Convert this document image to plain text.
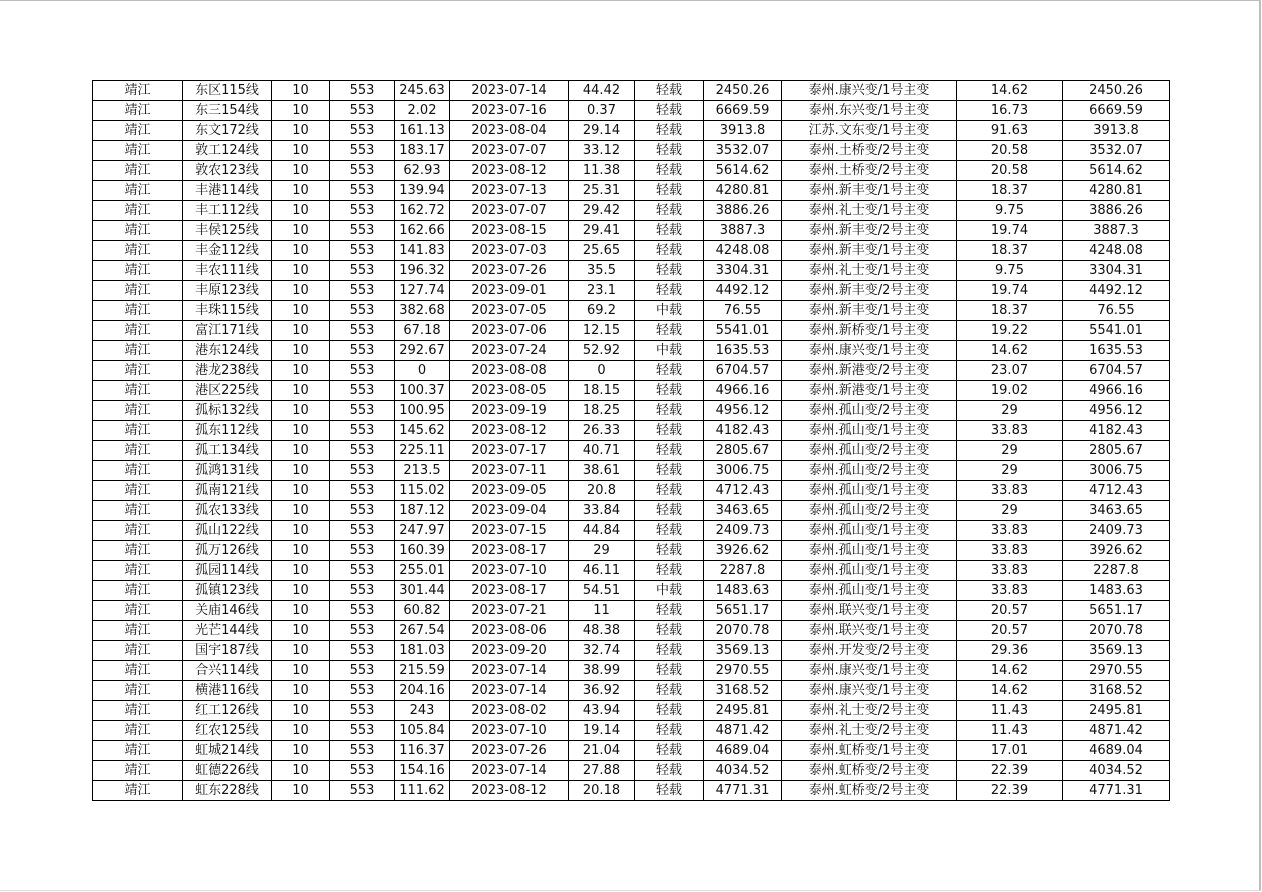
靖江	东区115线	10	553	245.63	2023-07-14	44.42	轻载	2450.26	泰州.康兴变/1号主变	14.62	2450.26
靖江	东三154线	10	553	2.02	2023-07-16	0.37	轻载	6669.59	泰州.东兴变/1号主变	16.73	6669.59
靖江	东文172线	10	553	161.13	2023-08-04	29.14	轻载	3913.8	江苏.文东变/1号主变	91.63	3913.8
靖江	敦工124线	10	553	183.17	2023-07-07	33.12	轻载	3532.07	泰州.土桥变/2号主变	20.58	3532.07
靖江	敦农123线	10	553	62.93	2023-08-12	11.38	轻载	5614.62	泰州.土桥变/2号主变	20.58	5614.62
靖江	丰港114线	10	553	139.94	2023-07-13	25.31	轻载	4280.81	泰州.新丰变/1号主变	18.37	4280.81
靖江	丰工112线	10	553	162.72	2023-07-07	29.42	轻载	3886.26	泰州.礼士变/1号主变	9.75	3886.26
靖江	丰侯125线	10	553	162.66	2023-08-15	29.41	轻载	3887.3	泰州.新丰变/2号主变	19.74	3887.3
靖江	丰金112线	10	553	141.83	2023-07-03	25.65	轻载	4248.08	泰州.新丰变/1号主变	18.37	4248.08
靖江	丰农111线	10	553	196.32	2023-07-26	35.5	轻载	3304.31	泰州.礼士变/1号主变	9.75	3304.31
靖江	丰原123线	10	553	127.74	2023-09-01	23.1	轻载	4492.12	泰州.新丰变/2号主变	19.74	4492.12
靖江	丰珠115线	10	553	382.68	2023-07-05	69.2	中载	76.55	泰州.新丰变/1号主变	18.37	76.55
靖江	富江171线	10	553	67.18	2023-07-06	12.15	轻载	5541.01	泰州.新桥变/1号主变	19.22	5541.01
靖江	港东124线	10	553	292.67	2023-07-24	52.92	中载	1635.53	泰州.康兴变/1号主变	14.62	1635.53
靖江	港龙238线	10	553	0	2023-08-08	0	轻载	6704.57	泰州.新港变/2号主变	23.07	6704.57
靖江	港区225线	10	553	100.37	2023-08-05	18.15	轻载	4966.16	泰州.新港变/1号主变	19.02	4966.16
靖江	孤标132线	10	553	100.95	2023-09-19	18.25	轻载	4956.12	泰州.孤山变/2号主变	29	4956.12
靖江	孤东112线	10	553	145.62	2023-08-12	26.33	轻载	4182.43	泰州.孤山变/1号主变	33.83	4182.43
靖江	孤工134线	10	553	225.11	2023-07-17	40.71	轻载	2805.67	泰州.孤山变/2号主变	29	2805.67
靖江	孤鸿131线	10	553	213.5	2023-07-11	38.61	轻载	3006.75	泰州.孤山变/2号主变	29	3006.75
靖江	孤南121线	10	553	115.02	2023-09-05	20.8	轻载	4712.43	泰州.孤山变/1号主变	33.83	4712.43
靖江	孤农133线	10	553	187.12	2023-09-04	33.84	轻载	3463.65	泰州.孤山变/2号主变	29	3463.65
靖江	孤山122线	10	553	247.97	2023-07-15	44.84	轻载	2409.73	泰州.孤山变/1号主变	33.83	2409.73
靖江	孤万126线	10	553	160.39	2023-08-17	29	轻载	3926.62	泰州.孤山变/1号主变	33.83	3926.62
靖江	孤园114线	10	553	255.01	2023-07-10	46.11	轻载	2287.8	泰州.孤山变/1号主变	33.83	2287.8
靖江	孤镇123线	10	553	301.44	2023-08-17	54.51	中载	1483.63	泰州.孤山变/1号主变	33.83	1483.63
靖江	关庙146线	10	553	60.82	2023-07-21	11	轻载	5651.17	泰州.联兴变/1号主变	20.57	5651.17
靖江	光芒144线	10	553	267.54	2023-08-06	48.38	轻载	2070.78	泰州.联兴变/1号主变	20.57	2070.78
靖江	国宇187线	10	553	181.03	2023-09-20	32.74	轻载	3569.13	泰州.开发变/2号主变	29.36	3569.13
靖江	合兴114线	10	553	215.59	2023-07-14	38.99	轻载	2970.55	泰州.康兴变/1号主变	14.62	2970.55
靖江	横港116线	10	553	204.16	2023-07-14	36.92	轻载	3168.52	泰州.康兴变/1号主变	14.62	3168.52
靖江	红工126线	10	553	243	2023-08-02	43.94	轻载	2495.81	泰州.礼士变/2号主变	11.43	2495.81
靖江	红农125线	10	553	105.84	2023-07-10	19.14	轻载	4871.42	泰州.礼士变/2号主变	11.43	4871.42
靖江	虹城214线	10	553	116.37	2023-07-26	21.04	轻载	4689.04	泰州.虹桥变/1号主变	17.01	4689.04
靖江	虹德226线	10	553	154.16	2023-07-14	27.88	轻载	4034.52	泰州.虹桥变/2号主变	22.39	4034.52
靖江	虹东228线	10	553	111.62	2023-08-12	20.18	轻载	4771.31	泰州.虹桥变/2号主变	22.39	4771.31
